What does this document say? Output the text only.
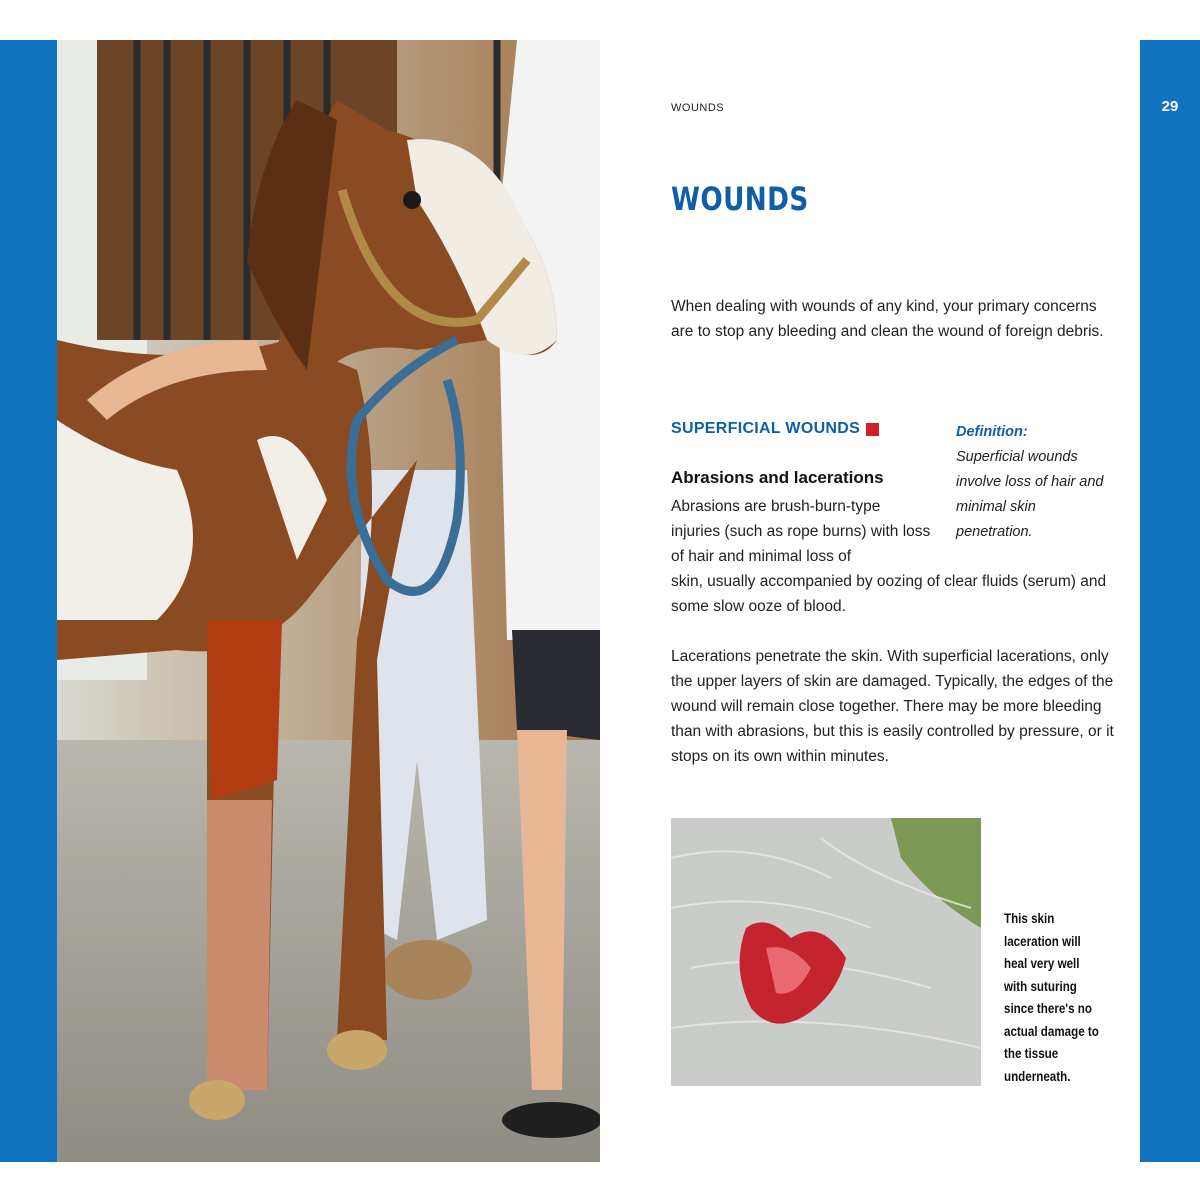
29
WOUNDS
WOUNDS
When dealing with wounds of any kind, your primary concerns are to stop any bleeding and clean the wound of foreign debris.
SUPERFICIAL WOUNDS	Definition:
Superficial wounds involve loss of hair and minimal skin penetration.
Abrasions and lacerations
Abrasions are brush-burn-type injuries (such as rope burns) with loss of hair and minimal loss of
skin, usually accompanied by oozing of clear fluids (serum) and some slow ooze of blood.
Lacerations penetrate the skin. With superficial lacerations, only the upper layers of skin are damaged. Typically, the edges of the wound will remain close together. There may be more bleeding than with abrasions, but this is easily controlled by pressure, or it stops on its own within minutes.
This skin laceration will heal very well with suturing since there's no actual damage to the tissue underneath.
